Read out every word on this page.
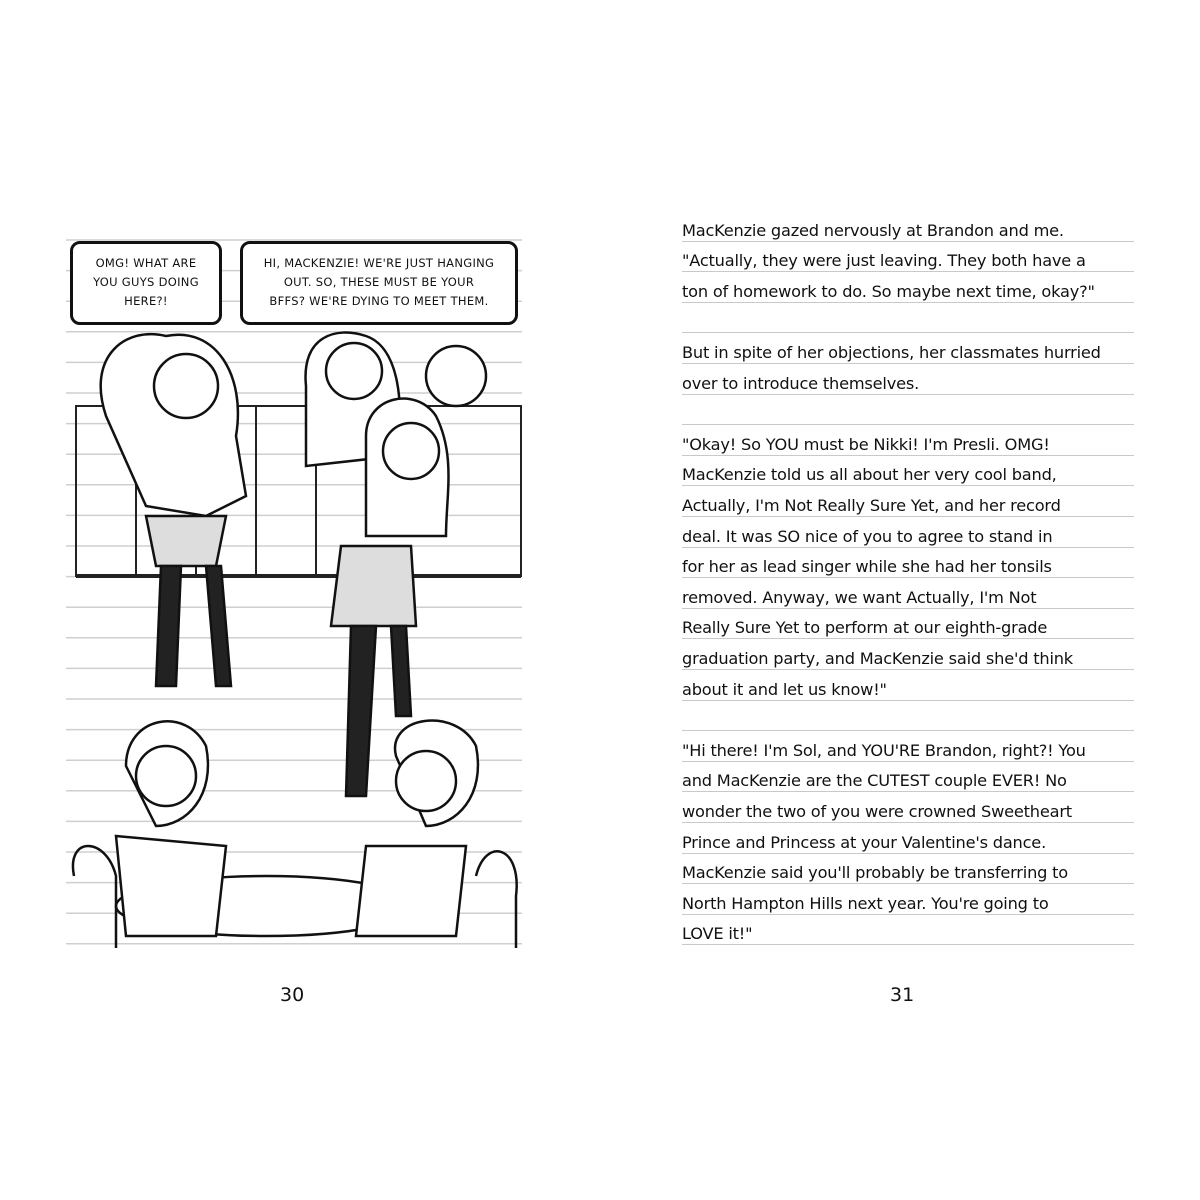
OMG! WHAT ARE
YOU GUYS DOING
HERE?!
HI, MACKENZIE! WE'RE JUST HANGING
OUT. SO, THESE MUST BE YOUR
BFFS? WE'RE DYING TO MEET THEM.
30	31
MacKenzie gazed nervously at Brandon and me.
"Actually, they were just leaving. They both have a
ton of homework to do. So maybe next time, okay?"
But in spite of her objections, her classmates hurried
over to introduce themselves.
"Okay! So YOU must be Nikki! I'm Presli. OMG!
MacKenzie told us all about her very cool band,
Actually, I'm Not Really Sure Yet, and her record
deal. It was SO nice of you to agree to stand in
for her as lead singer while she had her tonsils
removed. Anyway, we want Actually, I'm Not
Really Sure Yet to perform at our eighth-grade
graduation party, and MacKenzie said she'd think
about it and let us know!"
"Hi there! I'm Sol, and YOU'RE Brandon, right?! You
and MacKenzie are the CUTEST couple EVER! No
wonder the two of you were crowned Sweetheart
Prince and Princess at your Valentine's dance.
MacKenzie said you'll probably be transferring to
North Hampton Hills next year. You're going to
LOVE it!"
